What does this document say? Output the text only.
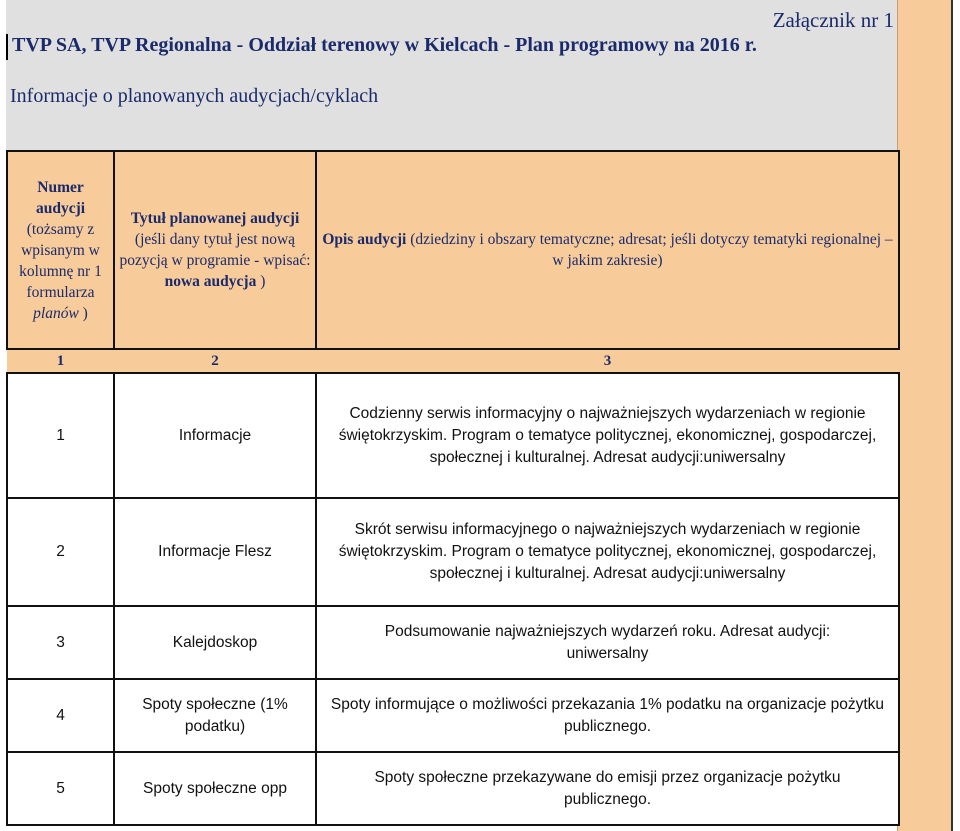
Załącznik nr 1
TVP SA, TVP Regionalna - Oddział terenowy w Kielcach - Plan programowy na 2016 r.
Informacje o planowanych audycjach/cyklach
Numer audycji
(tożsamy z wpisanym w kolumnę nr 1 formularza
planów )	Tytuł planowanej audycji (jeśli dany tytuł jest nową pozycją w programie - wpisać: nowa audycja )	Opis audycji (dziedziny i obszary tematyczne; adresat; jeśli dotyczy tematyki regionalnej – w jakim zakresie)
1	2	3
1	Informacje	Codzienny serwis informacyjny o najważniejszych wydarzeniach w regionie świętokrzyskim. Program o tematyce politycznej, ekonomicznej, gospodarczej, społecznej i kulturalnej. Adresat audycji:uniwersalny
2	Informacje Flesz	Skrót serwisu informacyjnego o najważniejszych wydarzeniach w regionie świętokrzyskim. Program o tematyce politycznej, ekonomicznej, gospodarczej, społecznej i kulturalnej. Adresat audycji:uniwersalny
3	Kalejdoskop	Podsumowanie najważniejszych wydarzeń roku. Adresat audycji: uniwersalny
4	Spoty społeczne (1% podatku)	Spoty informujące o możliwości przekazania 1% podatku na organizacje pożytku publicznego.
5	Spoty społeczne opp	Spoty społeczne przekazywane do emisji przez organizacje pożytku publicznego.
